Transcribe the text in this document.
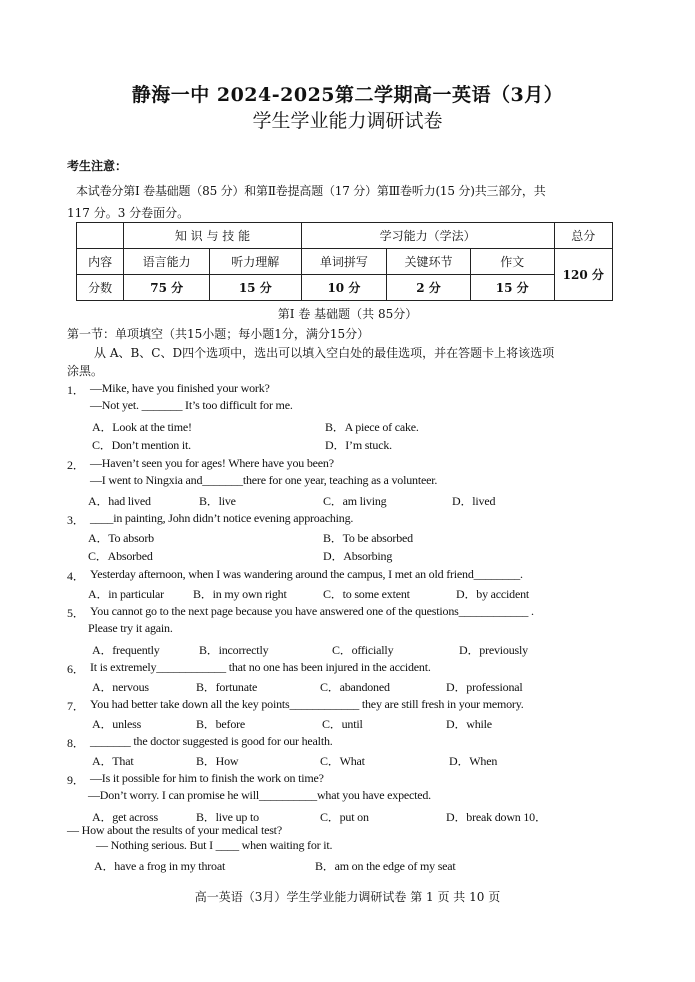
静海一中 2024-2025第二学期高一英语（3月）
学生学业能力调研试卷
考生注意：
本试卷分第Ⅰ 卷基础题（85 分）和第Ⅱ卷提高题（17 分）第Ⅲ卷听力(15 分)共三部分，共
117 分。3 分卷面分。
	知 识 与 技 能		学习能力（学法）			总分
内容	语言能力	听力理解	单词拼写	关键环节	作文	120 分
分数	75 分	15 分	10 分	2 分	15 分	
第Ⅰ 卷 基础题（共 85分）
第一节：单项填空（共15小题；每小题1分，满分15分）
从 A、B、C、D四个选项中，选出可以填入空白处的最佳选项，并在答题卡上将该选项
涂黑。
1． —Mike, have you finished your work?
—Not yet. _______ It’s too difficult for me.
A．Look at the time!	B．A piece of cake.
C．Don’t mention it.	D．I’m stuck.
2． —Haven’t seen you for ages! Where have you been?
—I went to Ningxia and_______there for one year, teaching as a volunteer.
A．had lived	B．live	C．am living	D．lived
3． ____in painting, John didn’t notice evening approaching.
A．To absorb	B．To be absorbed
C．Absorbed	D．Absorbing
4． Yesterday afternoon, when I was wandering around the campus, I met an old friend________.
A．in particular B．in my own right	C．to some extent	D．by accident
5． You cannot go to the next page because you have answered one of the questions____________ .
Please try it again.
A．frequently	B．incorrectly	C．officially	D．previously
6． It is extremely____________ that no one has been injured in the accident.
A．nervous	B．fortunate	C．abandoned	D．professional
7． You had better take down all the key points____________ they are still fresh in your memory.
A．unless	B．before	C．until	D．while
8． _______ the doctor suggested is good for our health.
A．That	B．How	C．What	D．When
9． —Is it possible for him to finish the work on time?
—Don’t worry. I can promise he will__________what you have expected.
A．get across	B．live up to	C．put on	D．break down 10．
— How about the results of your medical test?
— Nothing serious. But I ____ when waiting for it.
A．have a frog in my throat	B．am on the edge of my seat
高一英语（3月）学生学业能力调研试卷 第 1 页 共 10 页
